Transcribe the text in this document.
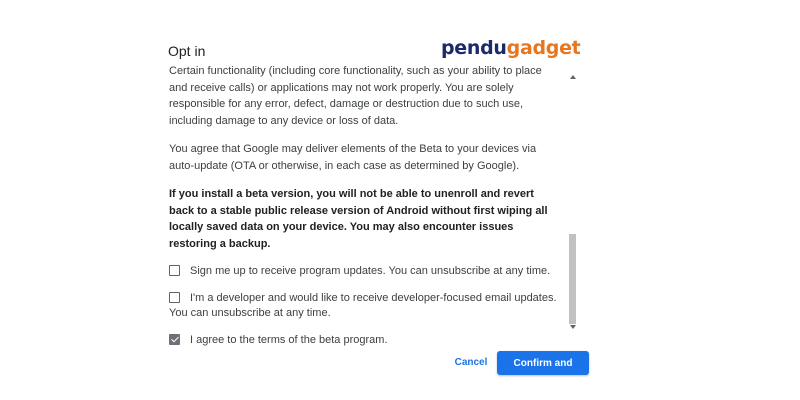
Opt in	pendugadget

Certain functionality (including core functionality, such as your ability to place and receive calls) or applications may not work properly. You are solely responsible for any error, defect, damage or destruction due to such use, including damage to any device or loss of data.

You agree that Google may deliver elements of the Beta to your devices via auto-update (OTA or otherwise, in each case as determined by Google).

If you install a beta version, you will not be able to unenroll and revert back to a stable public release version of Android without first wiping all locally saved data on your device. You may also encounter issues restoring a backup.

Sign me up to receive program updates. You can unsubscribe at any time.
I'm a developer and would like to receive developer-focused email updates. You can unsubscribe at any time.
I agree to the terms of the beta program.
Cancel	Confirm and enroll
